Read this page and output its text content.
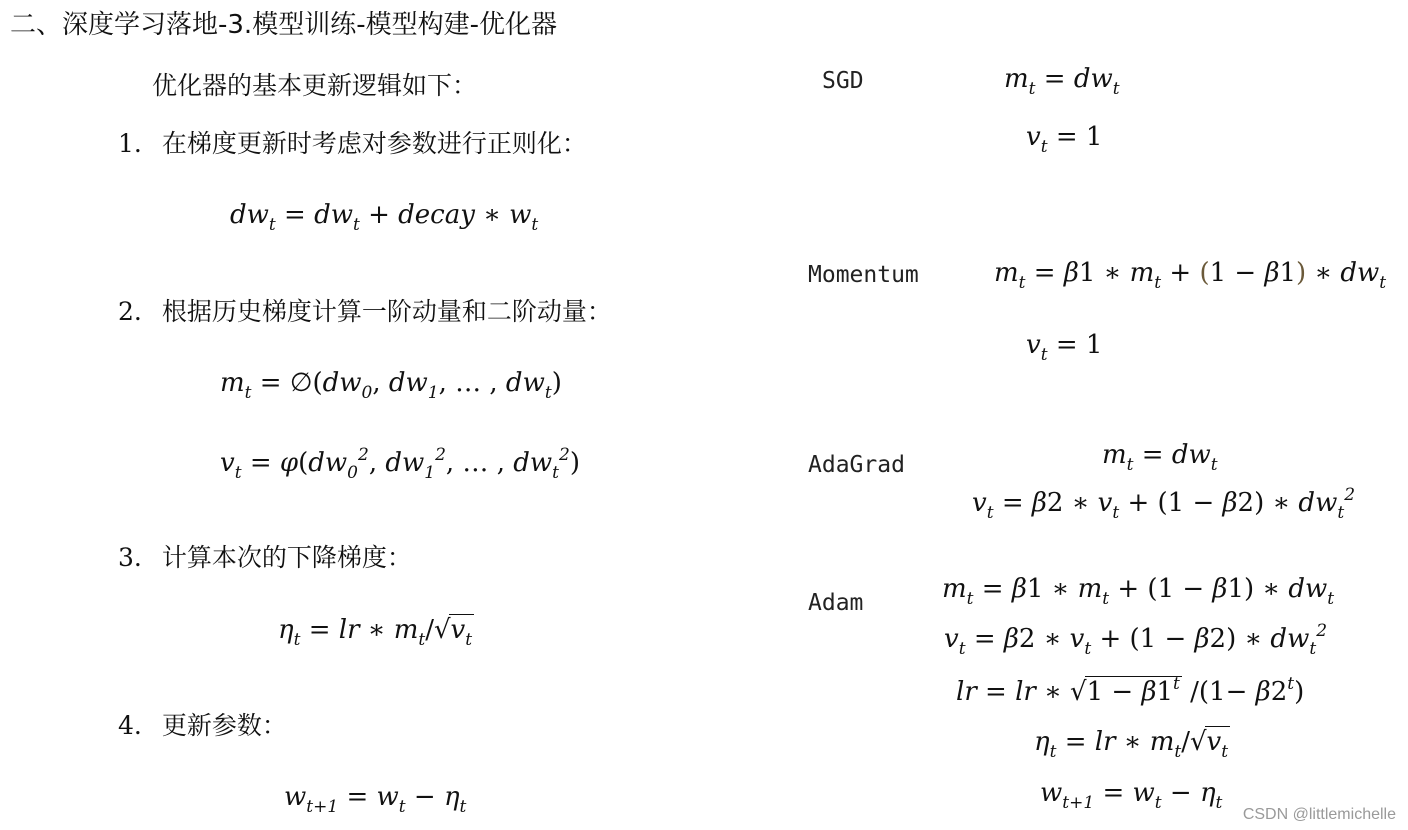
二、深度学习落地-3.模型训练-模型构建-优化器
优化器的基本更新逻辑如下：
1. 在梯度更新时考虑对参数进行正则化：
$dw_t = dw_t$ + decay ∗ $w_t$
2. 根据历史梯度计算一阶动量和二阶动量：
$m_t$ = $\emptyset(dw_0$, $dw_1$, … , $dw_t$)
$v_t = \varphi(dw_0^2$, $dw_1^2$, … , $dw_t^2$)
3. 计算本次的下降梯度：
$\eta_t$ = lr ∗ $m_t/√v_t$
4. 更新参数：
$w_{t+1} = w_t - \eta_t$
SGD	$m_t = dw_t$
$v_t = 1$
Momentum	$m_t = \beta 1$ ∗ $m_t + (1 - \beta 1)$ ∗ $dw_t$
$v_t = 1$
AdaGrad	$m_t = dw_t$
$v_t = \beta 2$ ∗ $v_t + (1 - \beta 2)$ ∗ $dw_t^2$
Adam	$m_t = \beta 1$ ∗ $m_t + (1 - \beta 1)$ ∗ $dw_t$
$v_t = \beta 2$ ∗ $v_t + (1 - \beta 2)$ ∗ $dw_t^2$
lr = lr ∗ $√1 - \beta 1^t$ $/(1- \beta 2^t)$
$\eta_t$ = lr ∗ $m_t/√v_t$
$w_{t+1} = w_t - \eta_t$
CSDN @littlemichelle
